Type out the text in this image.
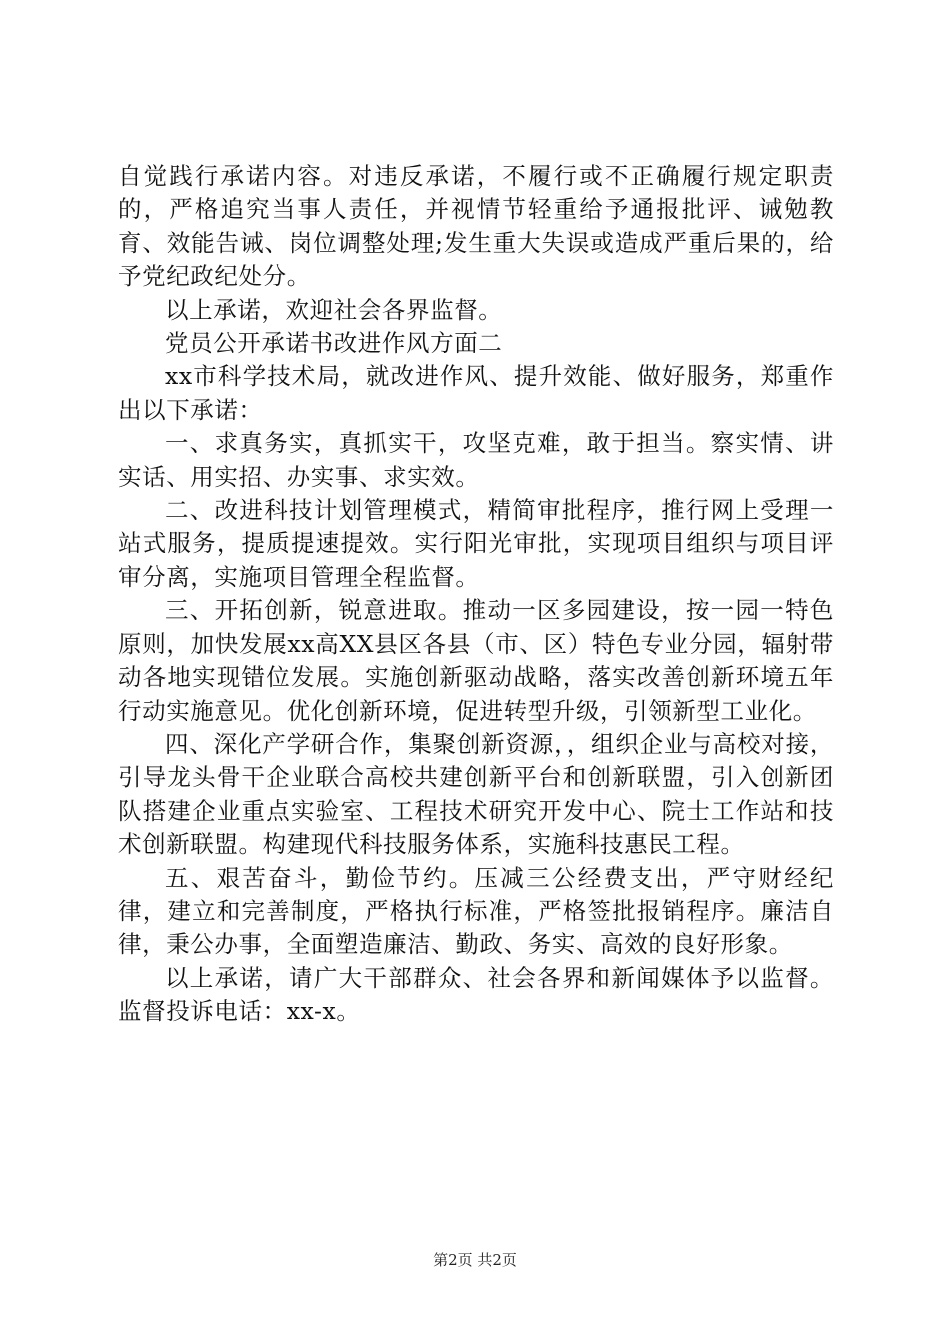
自觉践行承诺内容。对违反承诺，不履行或不正确履行规定职责的，严格追究当事人责任，并视情节轻重给予通报批评、诫勉教育、效能告诫、岗位调整处理;发生重大失误或造成严重后果的，给予党纪政纪处分。

以上承诺，欢迎社会各界监督。

党员公开承诺书改进作风方面二

xx市科学技术局，就改进作风、提升效能、做好服务，郑重作出以下承诺：

一、求真务实，真抓实干，攻坚克难，敢于担当。察实情、讲实话、用实招、办实事、求实效。

二、改进科技计划管理模式，精简审批程序，推行网上受理一站式服务，提质提速提效。实行阳光审批，实现项目组织与项目评审分离，实施项目管理全程监督。

三、开拓创新，锐意进取。推动一区多园建设，按一园一特色原则，加快发展xx高XX县区各县（市、区）特色专业分园，辐射带动各地实现错位发展。实施创新驱动战略，落实改善创新环境五年行动实施意见。优化创新环境，促进转型升级，引领新型工业化。

四、深化产学研合作，集聚创新资源，，组织企业与高校对接，引导龙头骨干企业联合高校共建创新平台和创新联盟，引入创新团队搭建企业重点实验室、工程技术研究开发中心、院士工作站和技术创新联盟。构建现代科技服务体系，实施科技惠民工程。

五、艰苦奋斗，勤俭节约。压减三公经费支出，严守财经纪律，建立和完善制度，严格执行标准，严格签批报销程序。廉洁自律，秉公办事，全面塑造廉洁、勤政、务实、高效的良好形象。

以上承诺，请广大干部群众、社会各界和新闻媒体予以监督。监督投诉电话：xx-x。

第2页 共2页
